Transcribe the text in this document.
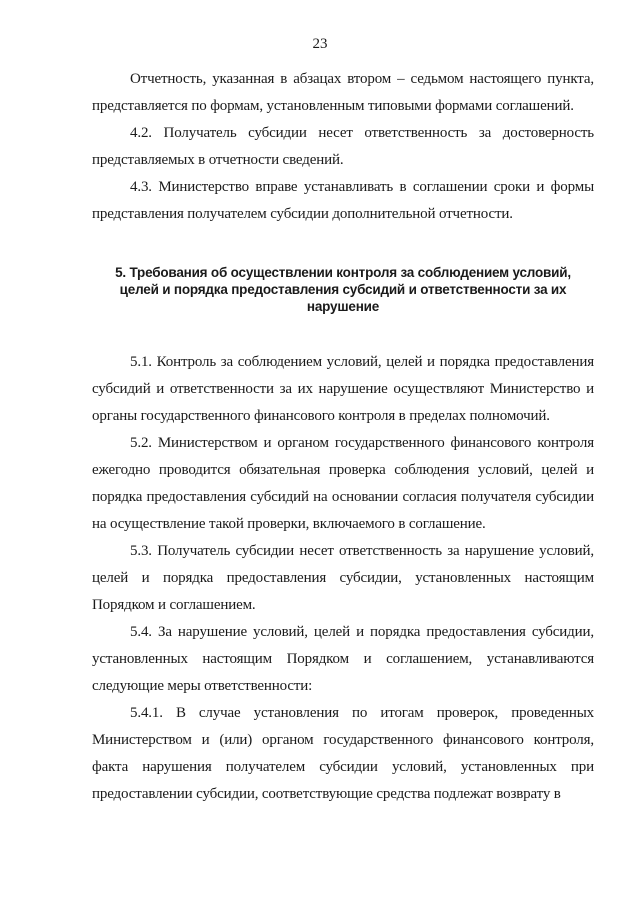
23

Отчетность, указанная в абзацах втором – седьмом настоящего пункта, представляется по формам, установленным типовыми формами соглашений.

4.2. Получатель субсидии несет ответственность за достоверность представляемых в отчетности сведений.

4.3. Министерство вправе устанавливать в соглашении сроки и формы представления получателем субсидии дополнительной отчетности.

5. Требования об осуществлении контроля за соблюдением условий, целей и порядка предоставления субсидий и ответственности за их нарушение

5.1. Контроль за соблюдением условий, целей и порядка предоставления субсидий и ответственности за их нарушение осуществляют Министерство и органы государственного финансового контроля в пределах полномочий.

5.2. Министерством и органом государственного финансового контроля ежегодно проводится обязательная проверка соблюдения условий, целей и порядка предоставления субсидий на основании согласия получателя субсидии на осуществление такой проверки, включаемого в соглашение.

5.3. Получатель субсидии несет ответственность за нарушение условий, целей и порядка предоставления субсидии, установленных настоящим Порядком и соглашением.

5.4. За нарушение условий, целей и порядка предоставления субсидии, установленных настоящим Порядком и соглашением, устанавливаются следующие меры ответственности:

5.4.1. В случае установления по итогам проверок, проведенных Министерством и (или) органом государственного финансового контроля, факта нарушения получателем субсидии условий, установленных при предоставлении субсидии, соответствующие средства подлежат возврату в
